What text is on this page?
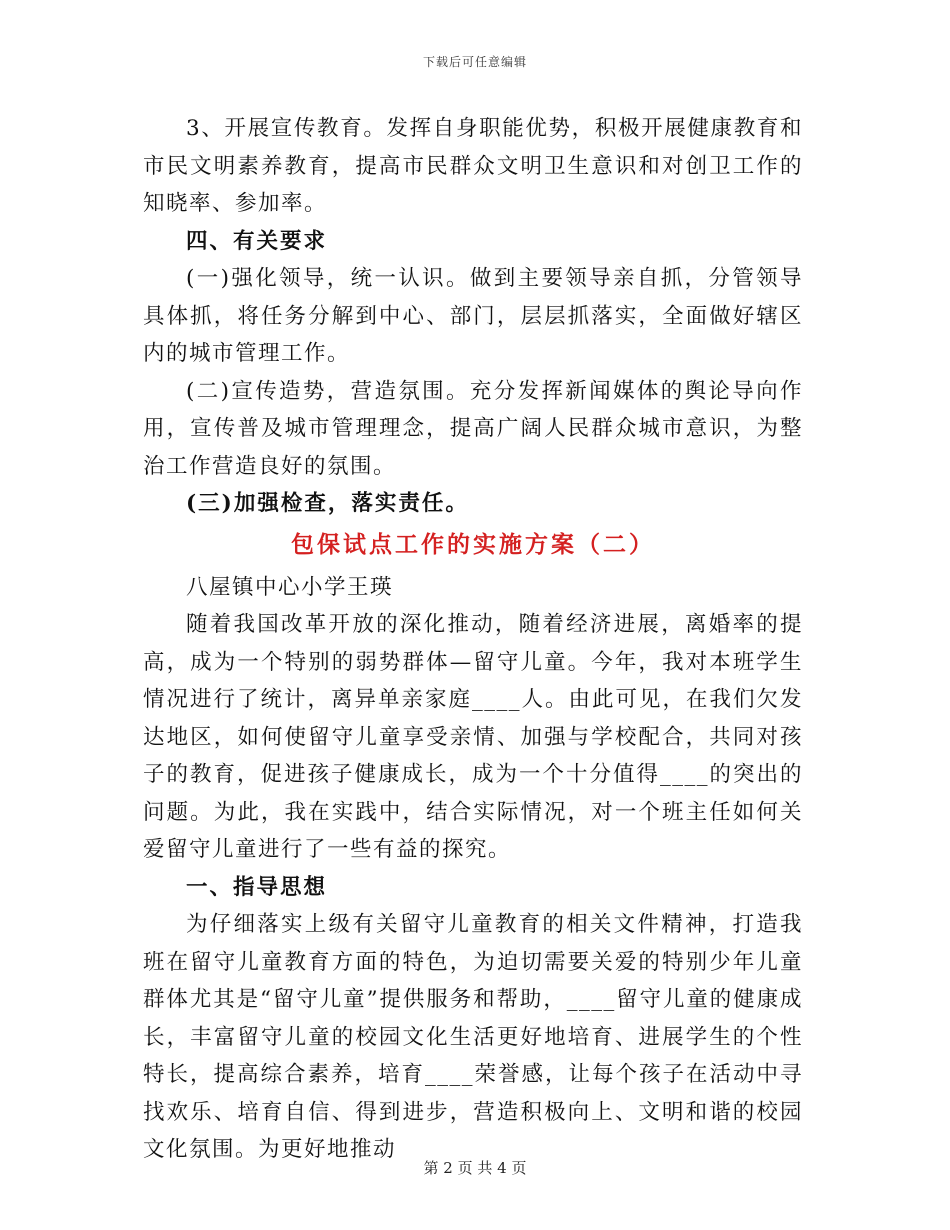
下载后可任意编辑

3、开展宣传教育。发挥自身职能优势，积极开展健康教育和市民文明素养教育，提高市民群众文明卫生意识和对创卫工作的知晓率、参加率。

四、有关要求

(一)强化领导，统一认识。做到主要领导亲自抓，分管领导具体抓，将任务分解到中心、部门，层层抓落实，全面做好辖区内的城市管理工作。

(二)宣传造势，营造氛围。充分发挥新闻媒体的舆论导向作用，宣传普及城市管理理念，提高广阔人民群众城市意识，为整治工作营造良好的氛围。

(三)加强检查，落实责任。

包保试点工作的实施方案（二）

八屋镇中心小学王瑛

随着我国改革开放的深化推动，随着经济进展，离婚率的提高，成为一个特别的弱势群体—留守儿童。今年，我对本班学生情况进行了统计，离异单亲家庭____人。由此可见，在我们欠发达地区，如何使留守儿童享受亲情、加强与学校配合，共同对孩子的教育，促进孩子健康成长，成为一个十分值得____的突出的问题。为此，我在实践中，结合实际情况，对一个班主任如何关爱留守儿童进行了一些有益的探究。

一、指导思想

为仔细落实上级有关留守儿童教育的相关文件精神，打造我班在留守儿童教育方面的特色，为迫切需要关爱的特别少年儿童群体尤其是“留守儿童”提供服务和帮助，____留守儿童的健康成长，丰富留守儿童的校园文化生活更好地培育、进展学生的个性特长，提高综合素养，培育____荣誉感，让每个孩子在活动中寻找欢乐、培育自信、得到进步，营造积极向上、文明和谐的校园文化氛围。为更好地推动

第 2 页 共 4 页
